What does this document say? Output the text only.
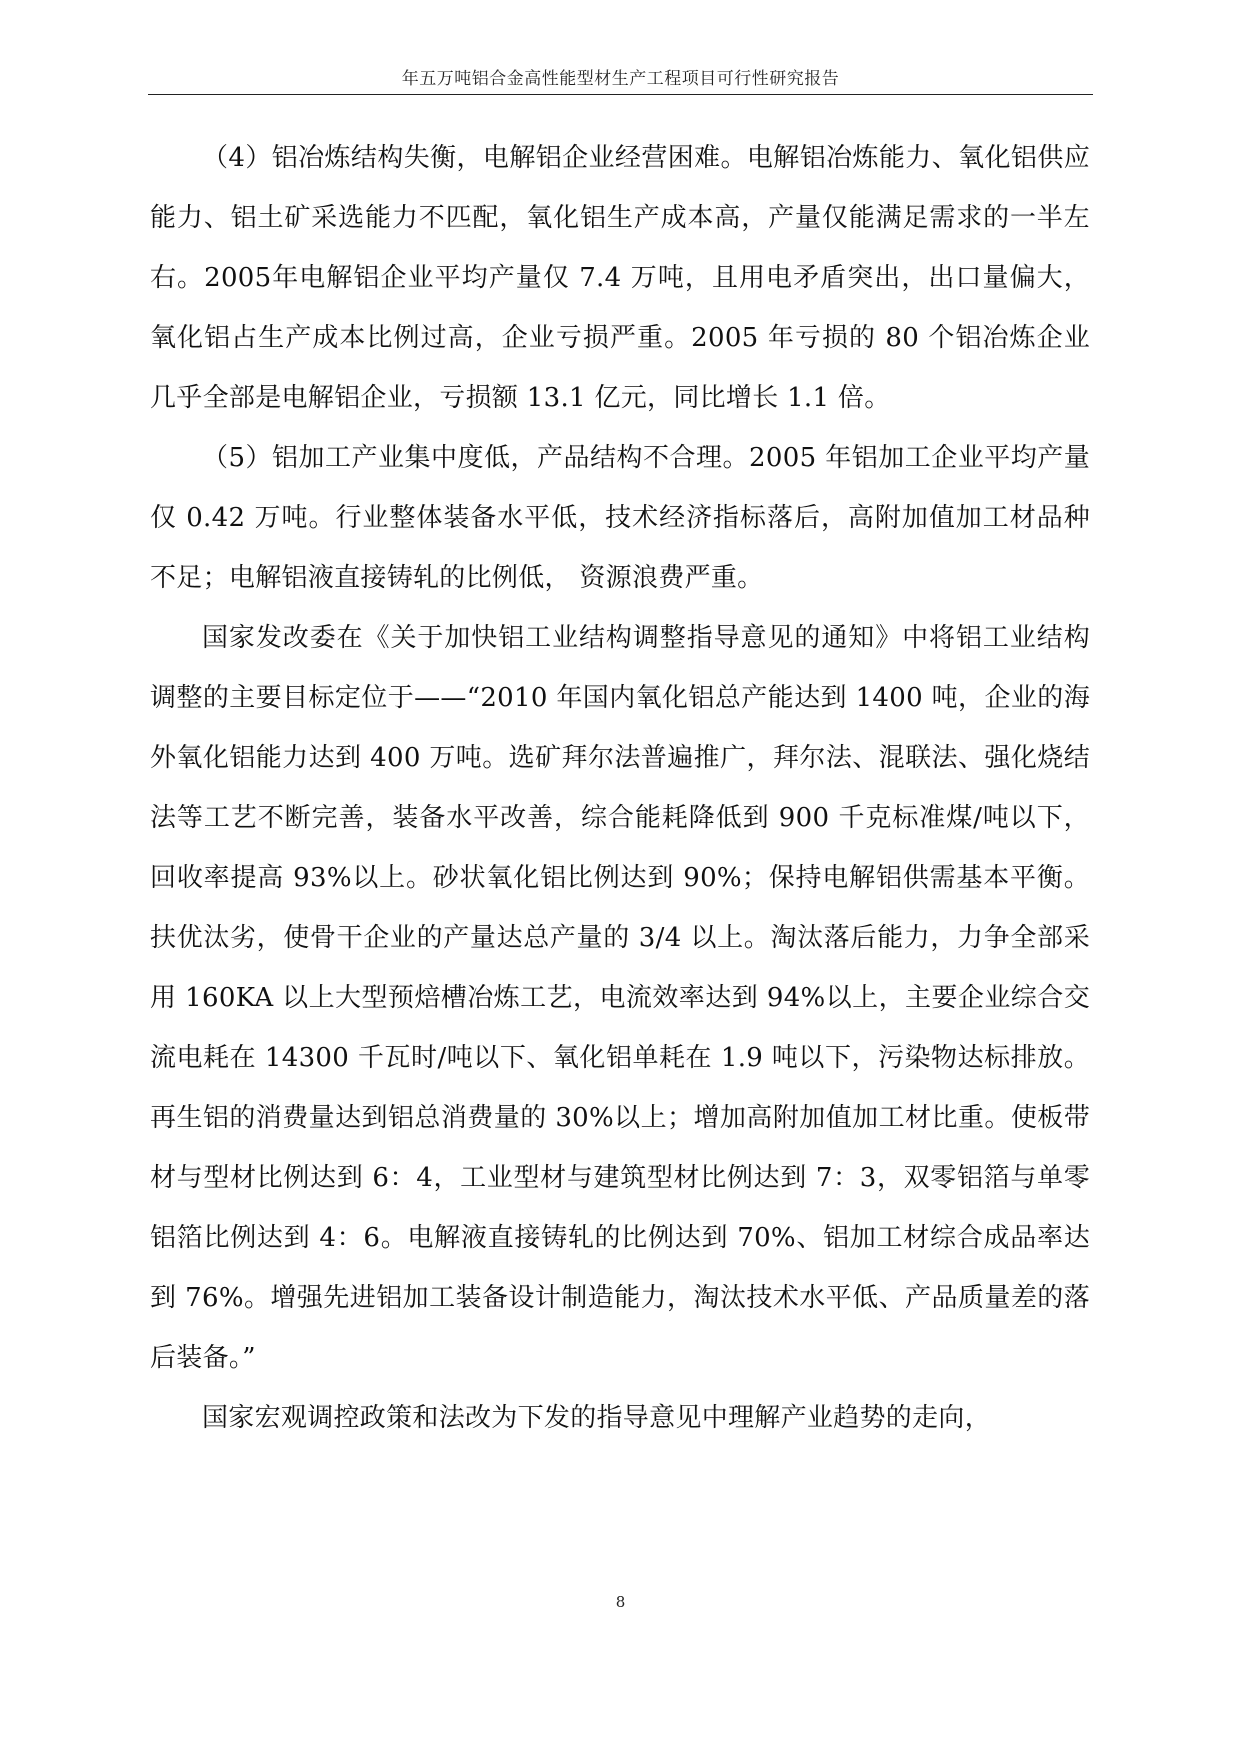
年五万吨铝合金高性能型材生产工程项目可行性研究报告

（4）铝冶炼结构失衡，电解铝企业经营困难。电解铝冶炼能力、氧化铝供应能力、铝土矿采选能力不匹配，氧化铝生产成本高，产量仅能满足需求的一半左右。2005年电解铝企业平均产量仅 7.4 万吨，且用电矛盾突出，出口量偏大，氧化铝占生产成本比例过高，企业亏损严重。2005 年亏损的 80 个铝冶炼企业几乎全部是电解铝企业，亏损额 13.1 亿元，同比增长 1.1 倍。

（5）铝加工产业集中度低，产品结构不合理。2005 年铝加工企业平均产量仅 0.42 万吨。行业整体装备水平低，技术经济指标落后，高附加值加工材品种不足；电解铝液直接铸轧的比例低， 资源浪费严重。

国家发改委在《关于加快铝工业结构调整指导意见的通知》中将铝工业结构调整的主要目标定位于——“2010 年国内氧化铝总产能达到 1400 吨，企业的海外氧化铝能力达到 400 万吨。选矿拜尔法普遍推广，拜尔法、混联法、强化烧结法等工艺不断完善，装备水平改善，综合能耗降低到 900 千克标准煤/吨以下，回收率提高 93%以上。砂状氧化铝比例达到 90%；保持电解铝供需基本平衡。扶优汰劣，使骨干企业的产量达总产量的 3/4 以上。淘汰落后能力，力争全部采用 160KA 以上大型预焙槽冶炼工艺，电流效率达到 94%以上，主要企业综合交流电耗在 14300 千瓦时/吨以下、氧化铝单耗在 1.9 吨以下，污染物达标排放。再生铝的消费量达到铝总消费量的 30%以上；增加高附加值加工材比重。使板带材与型材比例达到 6：4，工业型材与建筑型材比例达到 7：3，双零铝箔与单零铝箔比例达到 4：6。电解液直接铸轧的比例达到 70%、铝加工材综合成品率达到 76%。增强先进铝加工装备设计制造能力，淘汰技术水平低、产品质量差的落后装备。”

国家宏观调控政策和法改为下发的指导意见中理解产业趋势的走向，

8
